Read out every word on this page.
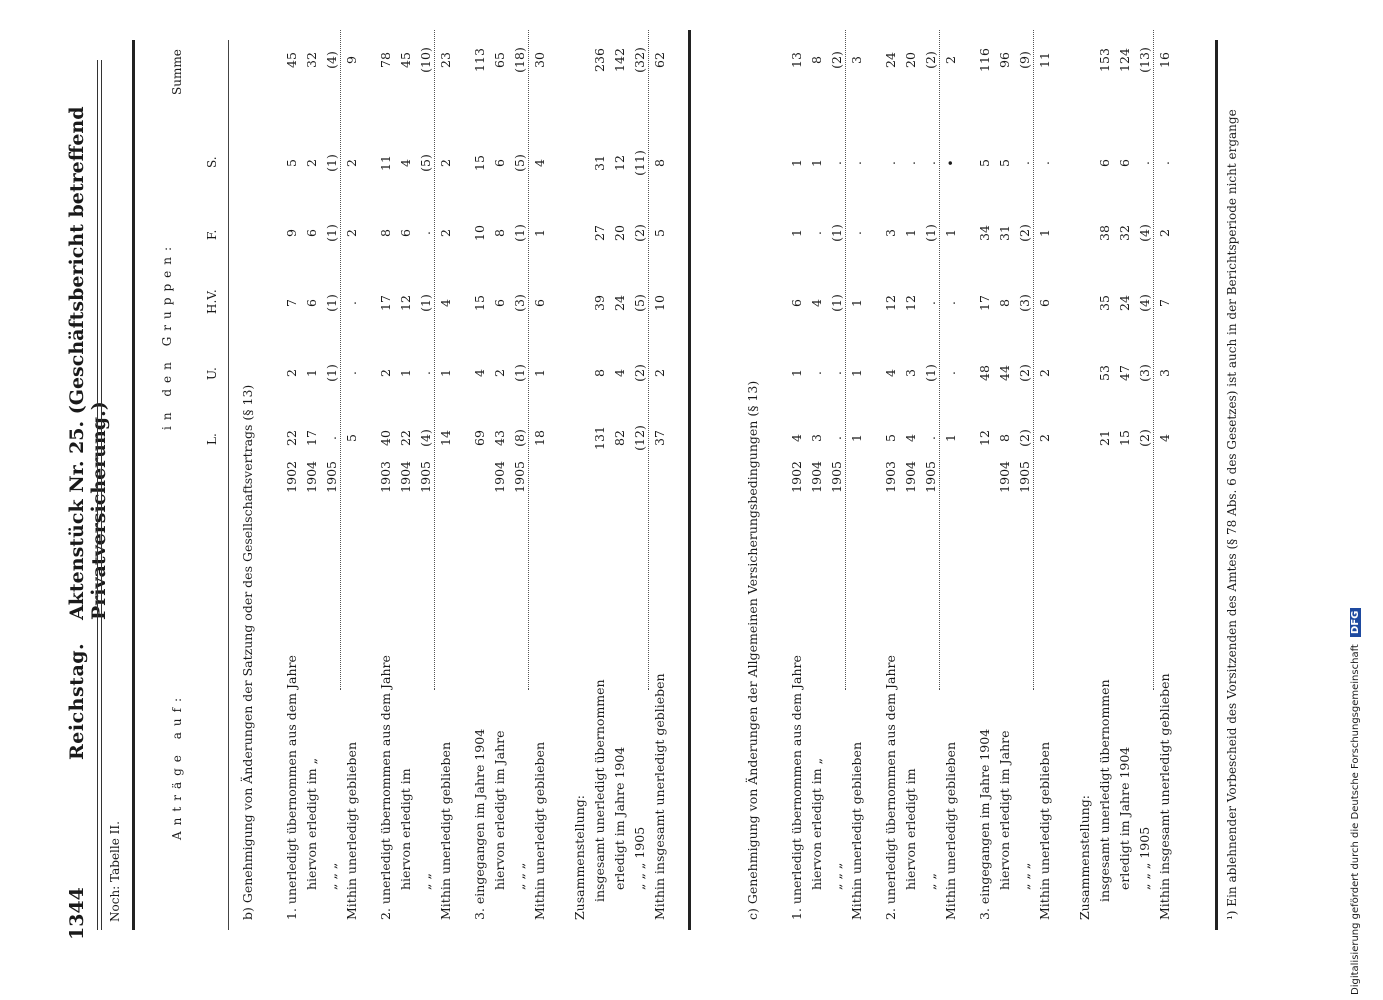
1344
Reichstag.
Aktenstück Nr. 25. (Geschäftsbericht betreffend Privatversicherung.)
Noch: Tabelle II.
Anträge auf:
in den Gruppen:
L.
U.
H.V.
F.
S.
Summe
b) Genehmigung von Änderungen der Satzung oder des Gesellschaftsvertrags (§ 13) 1. unerledigt übernommen aus dem Jahre
1902
22
2
7
9
5
45
hiervon erledigt im „
1904
17
1
6
6
2
32
„ „ „
1905
.
(1)
(1)
(1)
(1)
(4)
Mithin unerledigt geblieben
5
.
.
2
2
9
2. unerledigt übernommen aus dem Jahre
1903
40
2
17
8
11
78
hiervon erledigt im
1904
22
1
12
6
4
45
„ „
1905
(4)
.
(1)
.
(5)
(10)
Mithin unerledigt geblieben
14
1
4
2
2
23
3. eingegangen im Jahre 1904
69
4
15
10
15
113
hiervon erledigt im Jahre
1904
43
2
6
8
6
65
„ „ „
1905
(8)
(1)
(3)
(1)
(5)
(18)
Mithin unerledigt geblieben
18
1
6
1
4
30
Zusammenstellung: insgesamt unerledigt übernommen
131
8
39
27
31
236
erledigt im Jahre 1904
82
4
24
20
12
142
„ „ „ 1905
(12)
(2)
(5)
(2)
(11)
(32)
Mithin insgesamt unerledigt geblieben
37
2
10
5
8
62
c) Genehmigung von Änderungen der Allgemeinen Versicherungsbedingungen (§ 13) 1. unerledigt übernommen aus dem Jahre
1902
4
1
6
1
1
13
hiervon erledigt im „
1904
3
.
4
.
1
8
„ „ „
1905
.
.
(1)
(1)
.
(2)
Mithin unerledigt geblieben
1
1
1
.
.
3
2. unerledigt übernommen aus dem Jahre
1903
5
4
12
3
.
24
hiervon erledigt im
1904
4
3
12
1
.
20
„ „
1905
.
(1)
.
(1)
.
(2)
Mithin unerledigt geblieben
1
.
.
1
•
2
3. eingegangen im Jahre 1904
12
48
17
34
5
116
hiervon erledigt im Jahre
1904
8
44
8
31
5
96
„ „ „
1905
(2)
(2)
(3)
(2)
.
(9)
Mithin unerledigt geblieben
2
2
6
1
.
11
Zusammenstellung: insgesamt unerledigt übernommen
21
53
35
38
6
153
erledigt im Jahre 1904
15
47
24
32
6
124
„ „ „ 1905
(2)
(3)
(4)
(4)
.
(13)
Mithin insgesamt unerledigt geblieben
4
3
7
2
.
16
¹) Ein ablehnender Vorbescheid des Vorsitzenden des Amtes (§ 78 Abs. 6 des Gesetzes) ist auch in der Berichtsperiode nicht ergange	Digitalisierung gefördert durch die Deutsche Forschungsgemeinschaft DFG
